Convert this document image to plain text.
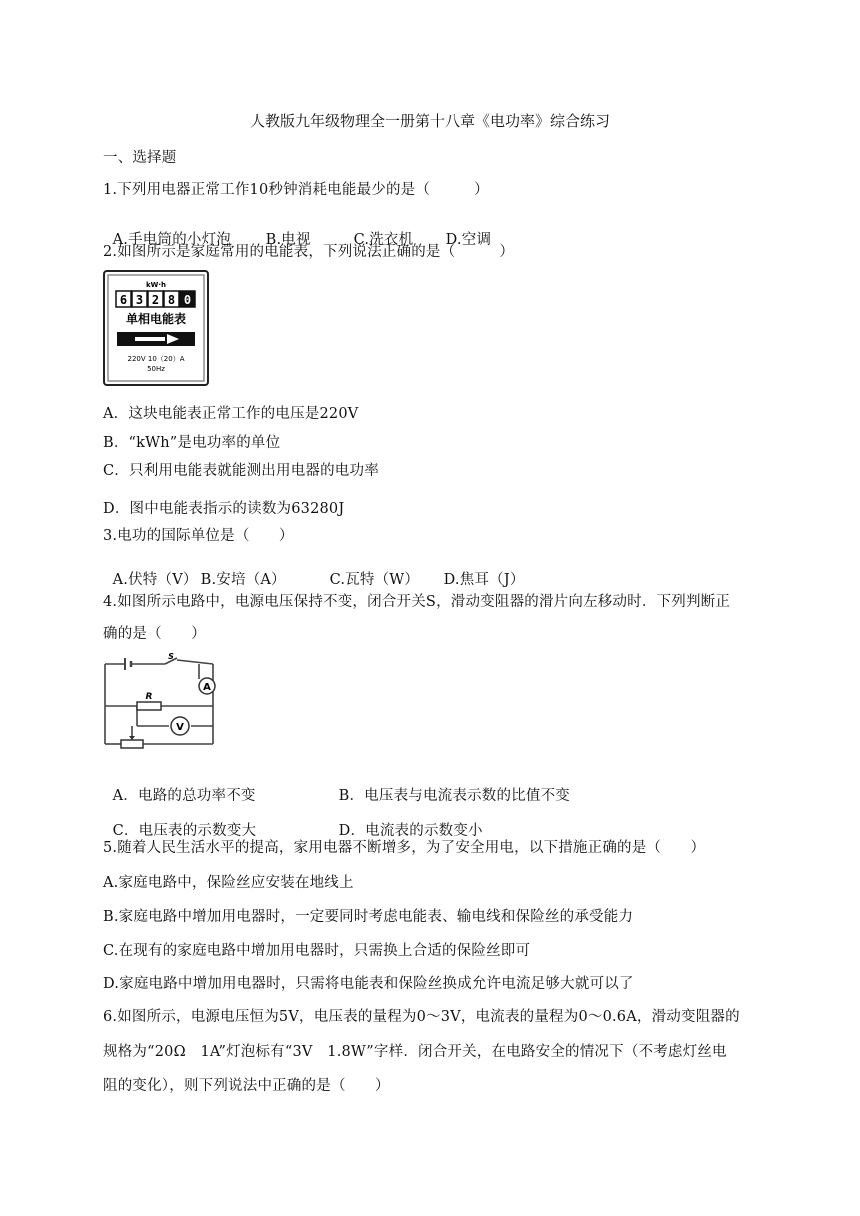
人教版九年级物理全一册第十八章《电功率》综合练习
一、选择题
1.下列用电器正常工作10秒钟消耗电能最少的是（　　　）

A.手电筒的小灯泡 B.电视	C.洗衣机 D.空调

2.如图所示是家庭常用的电能表，下列说法正确的是（　　　）
kW·h
6 3 2 8 0
单相电能表
220V 10（20）A
50Hz
A．这块电能表正常工作的电压是220V
B．“kWh”是电功率的单位
C．只利用电能表就能测出用电器的电功率
D．图中电能表指示的读数为63280J
3.电功的国际单位是（　　）

A.伏特（V） B.安培（A）	C.瓦特（W） D.焦耳（J）

4.如图所示电路中，电源电压保持不变，闭合开关S，滑动变阻器的滑片向左移动时．下列判断正
确的是（　　）
A
V
R
S

A．电路的总功率不变	B．电压表与电流表示数的比值不变

C．电压表的示数变大	D．电流表的示数变小

5.随着人民生活水平的提高，家用电器不断增多，为了安全用电，以下措施正确的是（　　）
A.家庭电路中，保险丝应安装在地线上
B.家庭电路中增加用电器时，一定要同时考虑电能表、输电线和保险丝的承受能力
C.在现有的家庭电路中增加用电器时，只需换上合适的保险丝即可
D.家庭电路中增加用电器时，只需将电能表和保险丝换成允许电流足够大就可以了
6.如图所示，电源电压恒为5V，电压表的量程为0～3V，电流表的量程为0～0.6A，滑动变阻器的
规格为“20Ω　1A”灯泡标有“3V　1.8W”字样．闭合开关，在电路安全的情况下（不考虑灯丝电
阻的变化），则下列说法中正确的是（　　）
